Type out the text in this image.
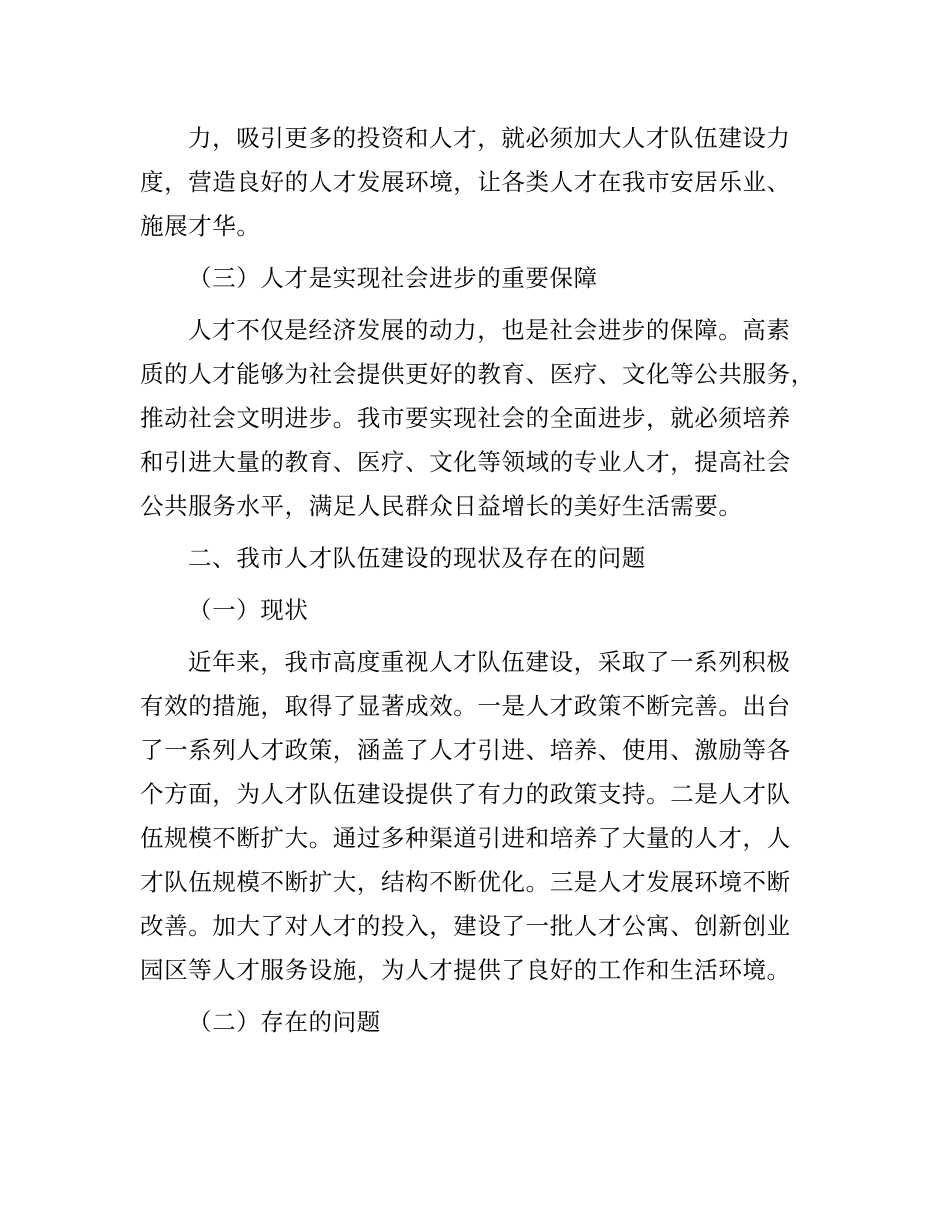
力，吸引更多的投资和人才，就必须加大人才队伍建设力
度，营造良好的人才发展环境，让各类人才在我市安居乐业、
施展才华。
（三）人才是实现社会进步的重要保障
人才不仅是经济发展的动力，也是社会进步的保障。高素
质的人才能够为社会提供更好的教育、医疗、文化等公共服务，
推动社会文明进步。我市要实现社会的全面进步，就必须培养
和引进大量的教育、医疗、文化等领域的专业人才，提高社会
公共服务水平，满足人民群众日益增长的美好生活需要。
二、我市人才队伍建设的现状及存在的问题
（一）现状
近年来，我市高度重视人才队伍建设，采取了一系列积极
有效的措施，取得了显著成效。一是人才政策不断完善。出台
了一系列人才政策，涵盖了人才引进、培养、使用、激励等各
个方面，为人才队伍建设提供了有力的政策支持。二是人才队
伍规模不断扩大。通过多种渠道引进和培养了大量的人才，人
才队伍规模不断扩大，结构不断优化。三是人才发展环境不断
改善。加大了对人才的投入，建设了一批人才公寓、创新创业
园区等人才服务设施，为人才提供了良好的工作和生活环境。
（二）存在的问题
